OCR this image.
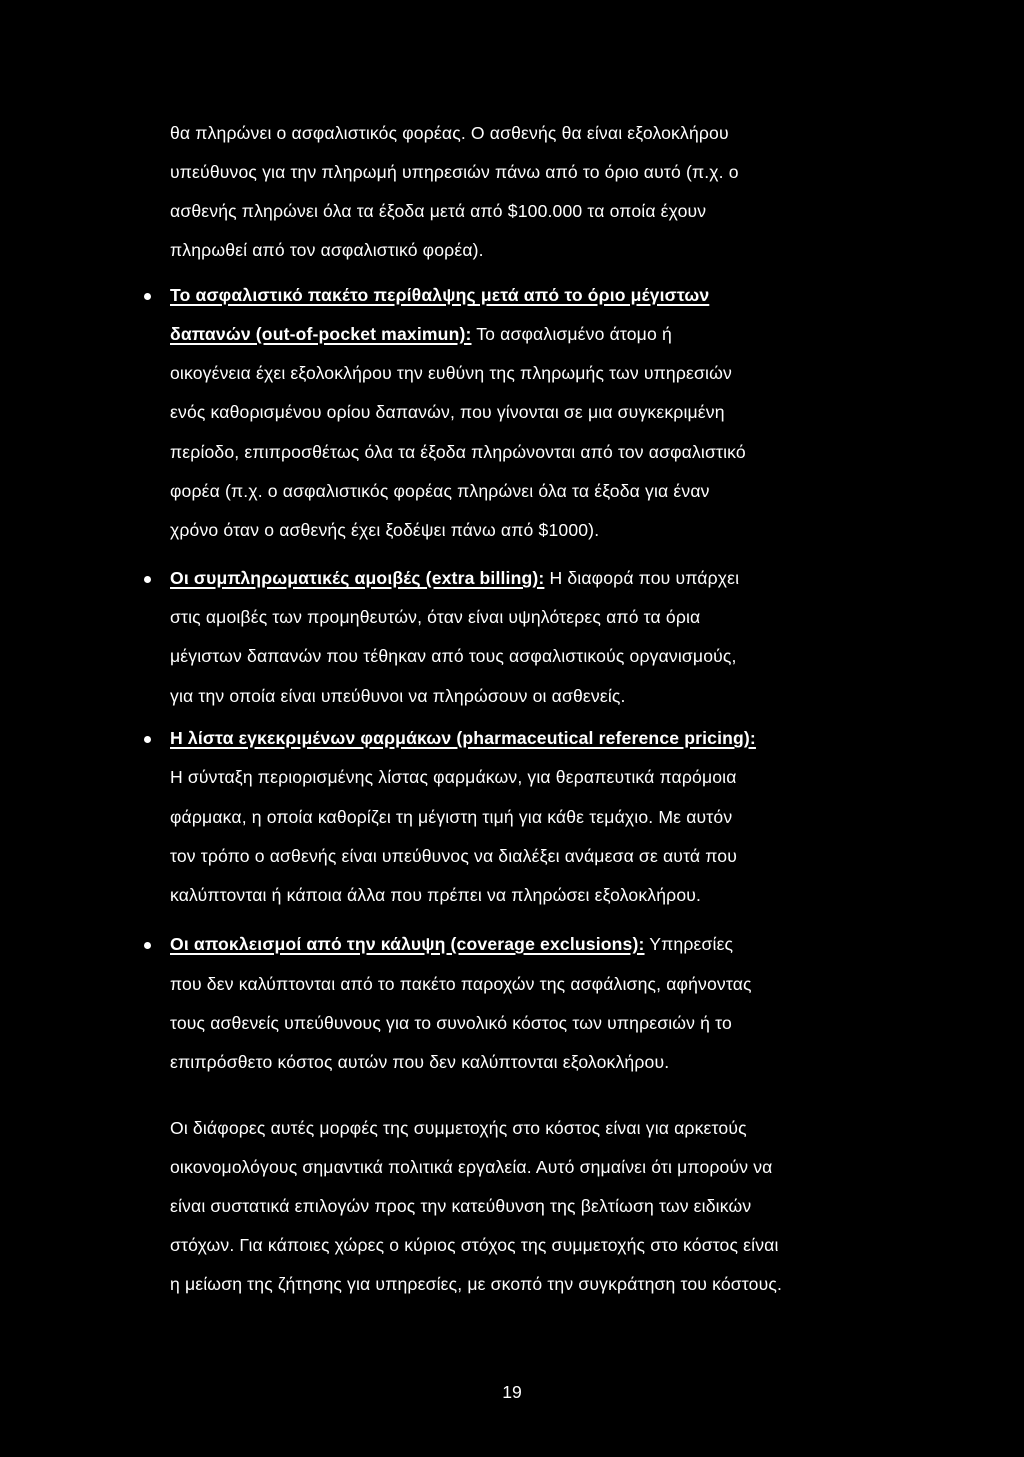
θα πληρώνει ο ασφαλιστικός φορέας. Ο ασθενής θα είναι εξολοκλήρου
υπεύθυνος για την πληρωμή υπηρεσιών πάνω από το όριο αυτό (π.χ. ο
ασθενής πληρώνει όλα τα έξοδα μετά από $100.000 τα οποία έχουν
πληρωθεί από τον ασφαλιστικό φορέα).
Το ασφαλιστικό πακέτο περίθαλψης μετά από το όριο μέγιστων
δαπανών (out-of-pocket maximun): Το ασφαλισμένο άτομο ή
οικογένεια έχει εξολοκλήρου την ευθύνη της πληρωμής των υπηρεσιών
ενός καθορισμένου ορίου δαπανών, που γίνονται σε μια συγκεκριμένη
περίοδο, επιπροσθέτως όλα τα έξοδα πληρώνονται από τον ασφαλιστικό
φορέα (π.χ. ο ασφαλιστικός φορέας πληρώνει όλα τα έξοδα για έναν
χρόνο όταν ο ασθενής έχει ξοδέψει πάνω από $1000).
Οι συμπληρωματικές αμοιβές (extra billing): Η διαφορά που υπάρχει
στις αμοιβές των προμηθευτών, όταν είναι υψηλότερες από τα όρια
μέγιστων δαπανών που τέθηκαν από τους ασφαλιστικούς οργανισμούς,
για την οποία είναι υπεύθυνοι να πληρώσουν οι ασθενείς.
Η λίστα εγκεκριμένων φαρμάκων (pharmaceutical reference pricing):
Η σύνταξη περιορισμένης λίστας φαρμάκων, για θεραπευτικά παρόμοια
φάρμακα, η οποία καθορίζει τη μέγιστη τιμή για κάθε τεμάχιο. Με αυτόν
τον τρόπο ο ασθενής είναι υπεύθυνος να διαλέξει ανάμεσα σε αυτά που
καλύπτονται ή κάποια άλλα που πρέπει να πληρώσει εξολοκλήρου.
Οι αποκλεισμοί από την κάλυψη (coverage exclusions): Υπηρεσίες
που δεν καλύπτονται από το πακέτο παροχών της ασφάλισης, αφήνοντας
τους ασθενείς υπεύθυνους για το συνολικό κόστος των υπηρεσιών ή το
επιπρόσθετο κόστος αυτών που δεν καλύπτονται εξολοκλήρου.
Οι διάφορες αυτές μορφές της συμμετοχής στο κόστος είναι για αρκετούς
οικονομολόγους σημαντικά πολιτικά εργαλεία. Αυτό σημαίνει ότι μπορούν να
είναι συστατικά επιλογών προς την κατεύθυνση της βελτίωση των ειδικών
στόχων. Για κάποιες χώρες ο κύριος στόχος της συμμετοχής στο κόστος είναι
η μείωση της ζήτησης για υπηρεσίες, με σκοπό την συγκράτηση του κόστους.
19
